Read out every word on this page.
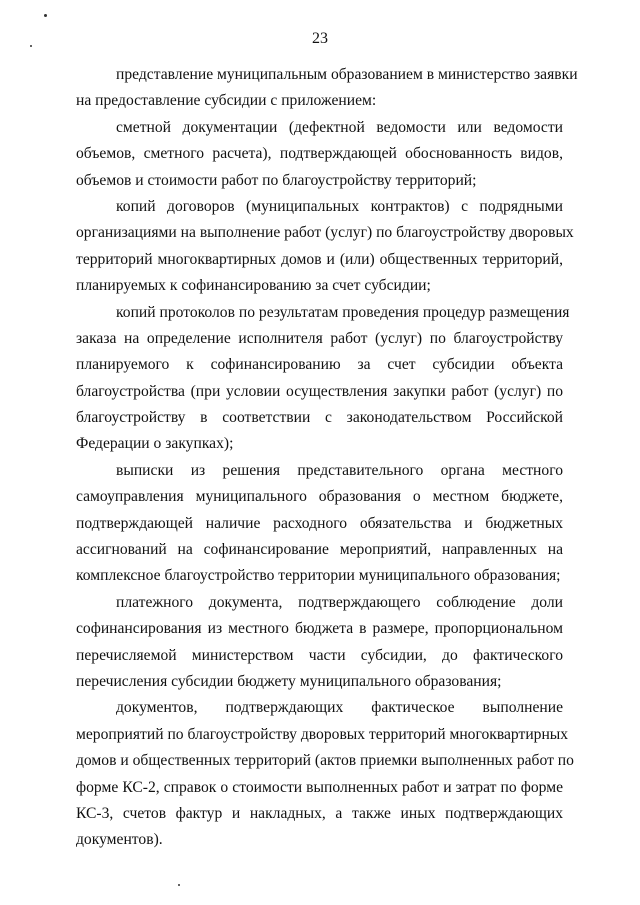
23
представление муниципальным образованием в министерство заявки
на предоставление субсидии с приложением:
сметной документации (дефектной ведомости или ведомости
объемов, сметного расчета), подтверждающей обоснованность видов,
объемов и стоимости работ по благоустройству территорий;
копий договоров (муниципальных контрактов) с подрядными
организациями на выполнение работ (услуг) по благоустройству дворовых
территорий многоквартирных домов и (или) общественных территорий,
планируемых к софинансированию за счет субсидии;
копий протоколов по результатам проведения процедур размещения
заказа на определение исполнителя работ (услуг) по благоустройству
планируемого к софинансированию за счет субсидии объекта
благоустройства (при условии осуществления закупки работ (услуг) по
благоустройству в соответствии с законодательством Российской
Федерации о закупках);
выписки из решения представительного органа местного
самоуправления муниципального образования о местном бюджете,
подтверждающей наличие расходного обязательства и бюджетных
ассигнований на софинансирование мероприятий, направленных на
комплексное благоустройство территории муниципального образования;
платежного документа, подтверждающего соблюдение доли
софинансирования из местного бюджета в размере, пропорциональном
перечисляемой министерством части субсидии, до фактического
перечисления субсидии бюджету муниципального образования;
документов, подтверждающих фактическое выполнение
мероприятий по благоустройству дворовых территорий многоквартирных
домов и общественных территорий (актов приемки выполненных работ по
форме КС-2, справок о стоимости выполненных работ и затрат по форме
КС-3, счетов фактур и накладных, а также иных подтверждающих
документов).
